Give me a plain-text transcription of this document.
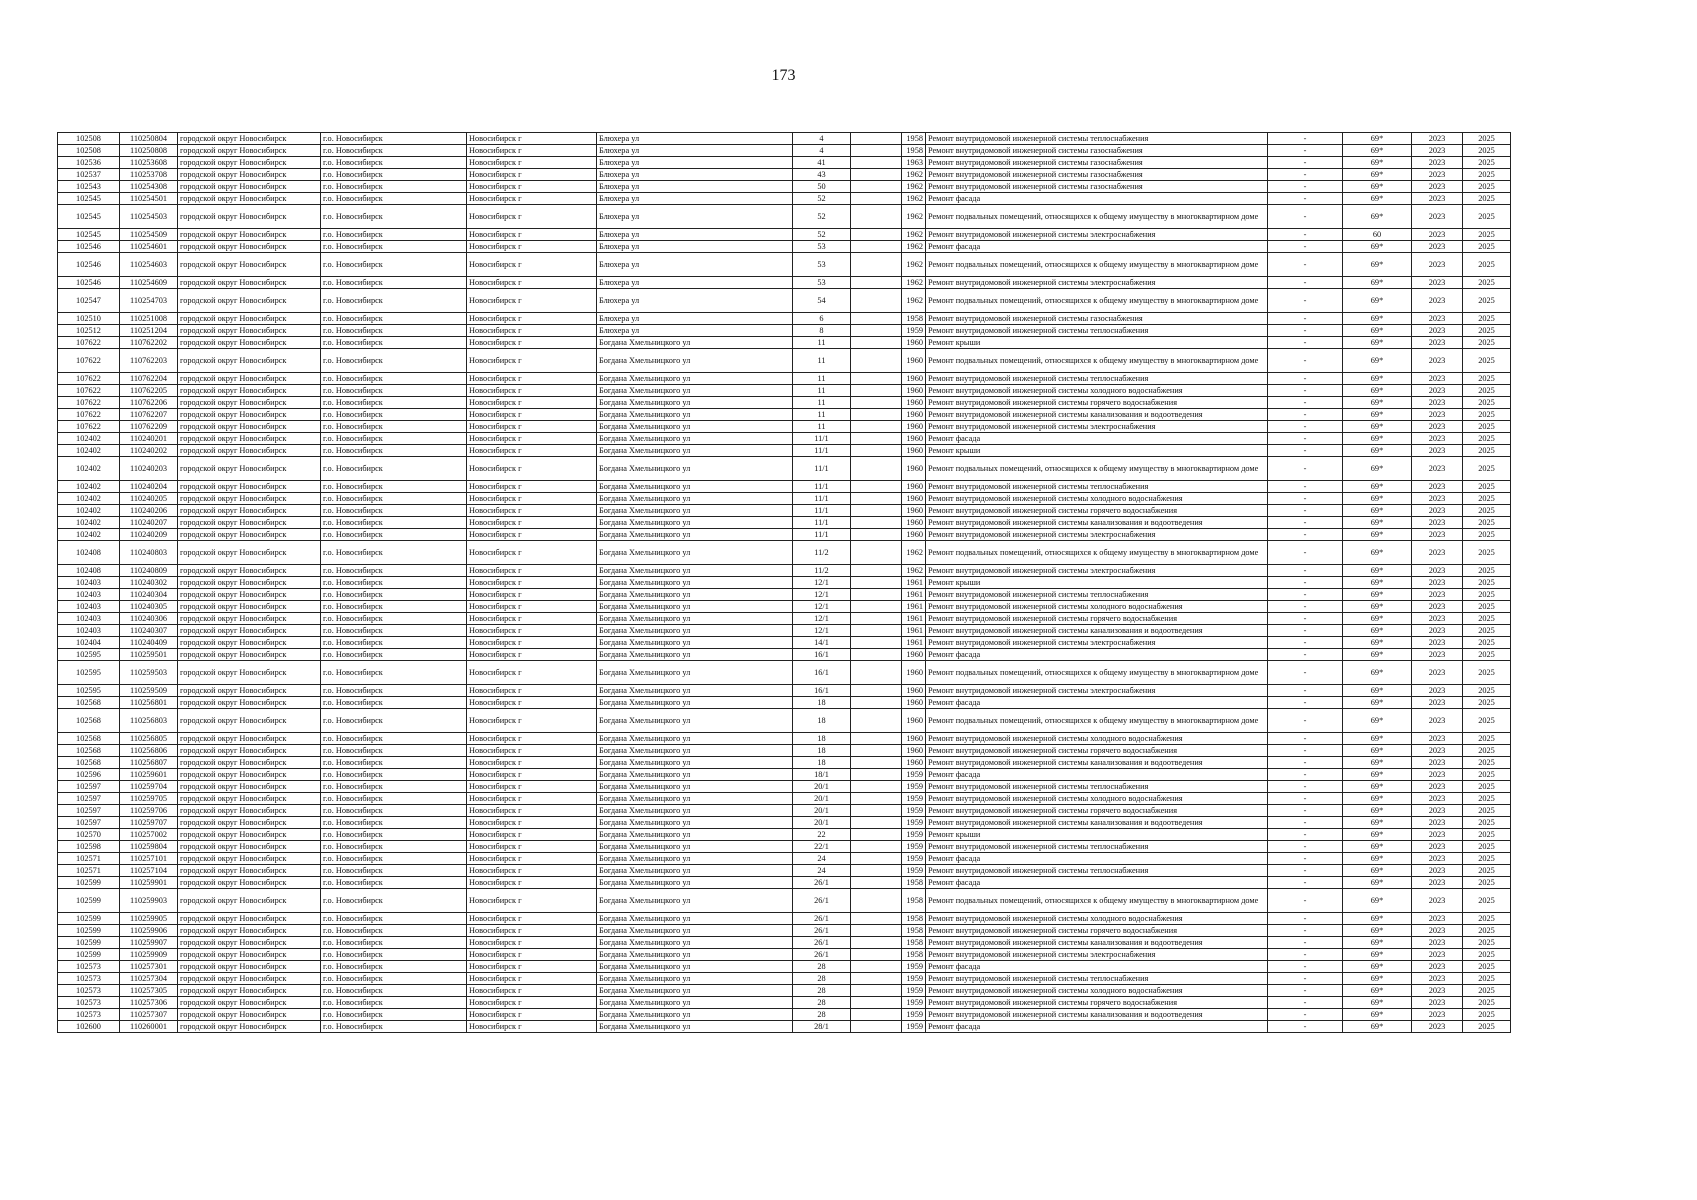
173
102508	110250804	городской округ Новосибирск	г.о. Новосибирск	Новосибирск г	Блюхера ул	4		1958	Ремонт внутридомовой инженерной системы теплоснабжения	-	69*	2023	2025
102508	110250808	городской округ Новосибирск	г.о. Новосибирск	Новосибирск г	Блюхера ул	4		1958	Ремонт внутридомовой инженерной системы газоснабжения	-	69*	2023	2025
102536	110253608	городской округ Новосибирск	г.о. Новосибирск	Новосибирск г	Блюхера ул	41		1963	Ремонт внутридомовой инженерной системы газоснабжения	-	69*	2023	2025
102537	110253708	городской округ Новосибирск	г.о. Новосибирск	Новосибирск г	Блюхера ул	43		1962	Ремонт внутридомовой инженерной системы газоснабжения	-	69*	2023	2025
102543	110254308	городской округ Новосибирск	г.о. Новосибирск	Новосибирск г	Блюхера ул	50		1962	Ремонт внутридомовой инженерной системы газоснабжения	-	69*	2023	2025
102545	110254501	городской округ Новосибирск	г.о. Новосибирск	Новосибирск г	Блюхера ул	52		1962	Ремонт фасада	-	69*	2023	2025
102545	110254503	городской округ Новосибирск	г.о. Новосибирск	Новосибирск г	Блюхера ул	52		1962	Ремонт подвальных помещений, относящихся к общему имуществу в многоквартирном доме	-	69*	2023	2025
102545	110254509	городской округ Новосибирск	г.о. Новосибирск	Новосибирск г	Блюхера ул	52		1962	Ремонт внутридомовой инженерной системы электроснабжения	-	60	2023	2025
102546	110254601	городской округ Новосибирск	г.о. Новосибирск	Новосибирск г	Блюхера ул	53		1962	Ремонт фасада	-	69*	2023	2025
102546	110254603	городской округ Новосибирск	г.о. Новосибирск	Новосибирск г	Блюхера ул	53		1962	Ремонт подвальных помещений, относящихся к общему имуществу в многоквартирном доме	-	69*	2023	2025
102546	110254609	городской округ Новосибирск	г.о. Новосибирск	Новосибирск г	Блюхера ул	53		1962	Ремонт внутридомовой инженерной системы электроснабжения	-	69*	2023	2025
102547	110254703	городской округ Новосибирск	г.о. Новосибирск	Новосибирск г	Блюхера ул	54		1962	Ремонт подвальных помещений, относящихся к общему имуществу в многоквартирном доме	-	69*	2023	2025
102510	110251008	городской округ Новосибирск	г.о. Новосибирск	Новосибирск г	Блюхера ул	6		1958	Ремонт внутридомовой инженерной системы газоснабжения	-	69*	2023	2025
102512	110251204	городской округ Новосибирск	г.о. Новосибирск	Новосибирск г	Блюхера ул	8		1959	Ремонт внутридомовой инженерной системы теплоснабжения	-	69*	2023	2025
107622	110762202	городской округ Новосибирск	г.о. Новосибирск	Новосибирск г	Богдана Хмельницкого ул	11		1960	Ремонт крыши	-	69*	2023	2025
107622	110762203	городской округ Новосибирск	г.о. Новосибирск	Новосибирск г	Богдана Хмельницкого ул	11		1960	Ремонт подвальных помещений, относящихся к общему имуществу в многоквартирном доме	-	69*	2023	2025
107622	110762204	городской округ Новосибирск	г.о. Новосибирск	Новосибирск г	Богдана Хмельницкого ул	11		1960	Ремонт внутридомовой инженерной системы теплоснабжения	-	69*	2023	2025
107622	110762205	городской округ Новосибирск	г.о. Новосибирск	Новосибирск г	Богдана Хмельницкого ул	11		1960	Ремонт внутридомовой инженерной системы холодного водоснабжения	-	69*	2023	2025
107622	110762206	городской округ Новосибирск	г.о. Новосибирск	Новосибирск г	Богдана Хмельницкого ул	11		1960	Ремонт внутридомовой инженерной системы горячего водоснабжения	-	69*	2023	2025
107622	110762207	городской округ Новосибирск	г.о. Новосибирск	Новосибирск г	Богдана Хмельницкого ул	11		1960	Ремонт внутридомовой инженерной системы канализования и водоотведения	-	69*	2023	2025
107622	110762209	городской округ Новосибирск	г.о. Новосибирск	Новосибирск г	Богдана Хмельницкого ул	11		1960	Ремонт внутридомовой инженерной системы электроснабжения	-	69*	2023	2025
102402	110240201	городской округ Новосибирск	г.о. Новосибирск	Новосибирск г	Богдана Хмельницкого ул	11/1		1960	Ремонт фасада	-	69*	2023	2025
102402	110240202	городской округ Новосибирск	г.о. Новосибирск	Новосибирск г	Богдана Хмельницкого ул	11/1		1960	Ремонт крыши	-	69*	2023	2025
102402	110240203	городской округ Новосибирск	г.о. Новосибирск	Новосибирск г	Богдана Хмельницкого ул	11/1		1960	Ремонт подвальных помещений, относящихся к общему имуществу в многоквартирном доме	-	69*	2023	2025
102402	110240204	городской округ Новосибирск	г.о. Новосибирск	Новосибирск г	Богдана Хмельницкого ул	11/1		1960	Ремонт внутридомовой инженерной системы теплоснабжения	-	69*	2023	2025
102402	110240205	городской округ Новосибирск	г.о. Новосибирск	Новосибирск г	Богдана Хмельницкого ул	11/1		1960	Ремонт внутридомовой инженерной системы холодного водоснабжения	-	69*	2023	2025
102402	110240206	городской округ Новосибирск	г.о. Новосибирск	Новосибирск г	Богдана Хмельницкого ул	11/1		1960	Ремонт внутридомовой инженерной системы горячего водоснабжения	-	69*	2023	2025
102402	110240207	городской округ Новосибирск	г.о. Новосибирск	Новосибирск г	Богдана Хмельницкого ул	11/1		1960	Ремонт внутридомовой инженерной системы канализования и водоотведения	-	69*	2023	2025
102402	110240209	городской округ Новосибирск	г.о. Новосибирск	Новосибирск г	Богдана Хмельницкого ул	11/1		1960	Ремонт внутридомовой инженерной системы электроснабжения	-	69*	2023	2025
102408	110240803	городской округ Новосибирск	г.о. Новосибирск	Новосибирск г	Богдана Хмельницкого ул	11/2		1962	Ремонт подвальных помещений, относящихся к общему имуществу в многоквартирном доме	-	69*	2023	2025
102408	110240809	городской округ Новосибирск	г.о. Новосибирск	Новосибирск г	Богдана Хмельницкого ул	11/2		1962	Ремонт внутридомовой инженерной системы электроснабжения	-	69*	2023	2025
102403	110240302	городской округ Новосибирск	г.о. Новосибирск	Новосибирск г	Богдана Хмельницкого ул	12/1		1961	Ремонт крыши	-	69*	2023	2025
102403	110240304	городской округ Новосибирск	г.о. Новосибирск	Новосибирск г	Богдана Хмельницкого ул	12/1		1961	Ремонт внутридомовой инженерной системы теплоснабжения	-	69*	2023	2025
102403	110240305	городской округ Новосибирск	г.о. Новосибирск	Новосибирск г	Богдана Хмельницкого ул	12/1		1961	Ремонт внутридомовой инженерной системы холодного водоснабжения	-	69*	2023	2025
102403	110240306	городской округ Новосибирск	г.о. Новосибирск	Новосибирск г	Богдана Хмельницкого ул	12/1		1961	Ремонт внутридомовой инженерной системы горячего водоснабжения	-	69*	2023	2025
102403	110240307	городской округ Новосибирск	г.о. Новосибирск	Новосибирск г	Богдана Хмельницкого ул	12/1		1961	Ремонт внутридомовой инженерной системы канализования и водоотведения	-	69*	2023	2025
102404	110240409	городской округ Новосибирск	г.о. Новосибирск	Новосибирск г	Богдана Хмельницкого ул	14/1		1961	Ремонт внутридомовой инженерной системы электроснабжения	-	69*	2023	2025
102595	110259501	городской округ Новосибирск	г.о. Новосибирск	Новосибирск г	Богдана Хмельницкого ул	16/1		1960	Ремонт фасада	-	69*	2023	2025
102595	110259503	городской округ Новосибирск	г.о. Новосибирск	Новосибирск г	Богдана Хмельницкого ул	16/1		1960	Ремонт подвальных помещений, относящихся к общему имуществу в многоквартирном доме	-	69*	2023	2025
102595	110259509	городской округ Новосибирск	г.о. Новосибирск	Новосибирск г	Богдана Хмельницкого ул	16/1		1960	Ремонт внутридомовой инженерной системы электроснабжения	-	69*	2023	2025
102568	110256801	городской округ Новосибирск	г.о. Новосибирск	Новосибирск г	Богдана Хмельницкого ул	18		1960	Ремонт фасада	-	69*	2023	2025
102568	110256803	городской округ Новосибирск	г.о. Новосибирск	Новосибирск г	Богдана Хмельницкого ул	18		1960	Ремонт подвальных помещений, относящихся к общему имуществу в многоквартирном доме	-	69*	2023	2025
102568	110256805	городской округ Новосибирск	г.о. Новосибирск	Новосибирск г	Богдана Хмельницкого ул	18		1960	Ремонт внутридомовой инженерной системы холодного водоснабжения	-	69*	2023	2025
102568	110256806	городской округ Новосибирск	г.о. Новосибирск	Новосибирск г	Богдана Хмельницкого ул	18		1960	Ремонт внутридомовой инженерной системы горячего водоснабжения	-	69*	2023	2025
102568	110256807	городской округ Новосибирск	г.о. Новосибирск	Новосибирск г	Богдана Хмельницкого ул	18		1960	Ремонт внутридомовой инженерной системы канализования и водоотведения	-	69*	2023	2025
102596	110259601	городской округ Новосибирск	г.о. Новосибирск	Новосибирск г	Богдана Хмельницкого ул	18/1		1959	Ремонт фасада	-	69*	2023	2025
102597	110259704	городской округ Новосибирск	г.о. Новосибирск	Новосибирск г	Богдана Хмельницкого ул	20/1		1959	Ремонт внутридомовой инженерной системы теплоснабжения	-	69*	2023	2025
102597	110259705	городской округ Новосибирск	г.о. Новосибирск	Новосибирск г	Богдана Хмельницкого ул	20/1		1959	Ремонт внутридомовой инженерной системы холодного водоснабжения	-	69*	2023	2025
102597	110259706	городской округ Новосибирск	г.о. Новосибирск	Новосибирск г	Богдана Хмельницкого ул	20/1		1959	Ремонт внутридомовой инженерной системы горячего водоснабжения	-	69*	2023	2025
102597	110259707	городской округ Новосибирск	г.о. Новосибирск	Новосибирск г	Богдана Хмельницкого ул	20/1		1959	Ремонт внутридомовой инженерной системы канализования и водоотведения	-	69*	2023	2025
102570	110257002	городской округ Новосибирск	г.о. Новосибирск	Новосибирск г	Богдана Хмельницкого ул	22		1959	Ремонт крыши	-	69*	2023	2025
102598	110259804	городской округ Новосибирск	г.о. Новосибирск	Новосибирск г	Богдана Хмельницкого ул	22/1		1959	Ремонт внутридомовой инженерной системы теплоснабжения	-	69*	2023	2025
102571	110257101	городской округ Новосибирск	г.о. Новосибирск	Новосибирск г	Богдана Хмельницкого ул	24		1959	Ремонт фасада	-	69*	2023	2025
102571	110257104	городской округ Новосибирск	г.о. Новосибирск	Новосибирск г	Богдана Хмельницкого ул	24		1959	Ремонт внутридомовой инженерной системы теплоснабжения	-	69*	2023	2025
102599	110259901	городской округ Новосибирск	г.о. Новосибирск	Новосибирск г	Богдана Хмельницкого ул	26/1		1958	Ремонт фасада	-	69*	2023	2025
102599	110259903	городской округ Новосибирск	г.о. Новосибирск	Новосибирск г	Богдана Хмельницкого ул	26/1		1958	Ремонт подвальных помещений, относящихся к общему имуществу в многоквартирном доме	-	69*	2023	2025
102599	110259905	городской округ Новосибирск	г.о. Новосибирск	Новосибирск г	Богдана Хмельницкого ул	26/1		1958	Ремонт внутридомовой инженерной системы холодного водоснабжения	-	69*	2023	2025
102599	110259906	городской округ Новосибирск	г.о. Новосибирск	Новосибирск г	Богдана Хмельницкого ул	26/1		1958	Ремонт внутридомовой инженерной системы горячего водоснабжения	-	69*	2023	2025
102599	110259907	городской округ Новосибирск	г.о. Новосибирск	Новосибирск г	Богдана Хмельницкого ул	26/1		1958	Ремонт внутридомовой инженерной системы канализования и водоотведения	-	69*	2023	2025
102599	110259909	городской округ Новосибирск	г.о. Новосибирск	Новосибирск г	Богдана Хмельницкого ул	26/1		1958	Ремонт внутридомовой инженерной системы электроснабжения	-	69*	2023	2025
102573	110257301	городской округ Новосибирск	г.о. Новосибирск	Новосибирск г	Богдана Хмельницкого ул	28		1959	Ремонт фасада	-	69*	2023	2025
102573	110257304	городской округ Новосибирск	г.о. Новосибирск	Новосибирск г	Богдана Хмельницкого ул	28		1959	Ремонт внутридомовой инженерной системы теплоснабжения	-	69*	2023	2025
102573	110257305	городской округ Новосибирск	г.о. Новосибирск	Новосибирск г	Богдана Хмельницкого ул	28		1959	Ремонт внутридомовой инженерной системы холодного водоснабжения	-	69*	2023	2025
102573	110257306	городской округ Новосибирск	г.о. Новосибирск	Новосибирск г	Богдана Хмельницкого ул	28		1959	Ремонт внутридомовой инженерной системы горячего водоснабжения	-	69*	2023	2025
102573	110257307	городской округ Новосибирск	г.о. Новосибирск	Новосибирск г	Богдана Хмельницкого ул	28		1959	Ремонт внутридомовой инженерной системы канализования и водоотведения	-	69*	2023	2025
102600	110260001	городской округ Новосибирск	г.о. Новосибирск	Новосибирск г	Богдана Хмельницкого ул	28/1		1959	Ремонт фасада	-	69*	2023	2025
